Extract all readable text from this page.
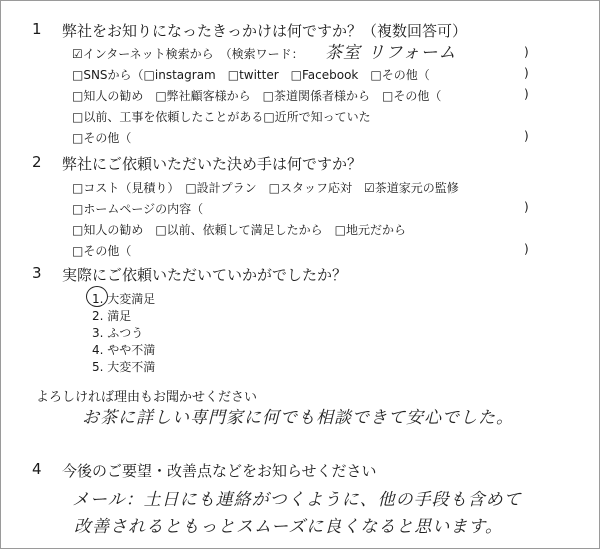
1 弊社をお知りになったきっかけは何ですか？（複数回答可）
☑インターネット検索から　（検索ワード： 茶室 リフォーム	)
□SNSから（□instagram　□twitter　□Facebook　□その他（	)
□知人の勧め　□弊社顧客様から　□茶道関係者様から　□その他（	)
□以前、工事を依頼したことがある□近所で知っていた
□その他（	)
2 弊社にご依頼いただいた決め手は何ですか？
□コスト（見積り）　□設計プラン　□スタッフ応対　☑茶道家元の監修
□ホームページの内容（	)
□知人の勧め　□以前、依頼して満足したから　□地元だから
□その他（	)
3 実際にご依頼いただいていかがでしたか？
1. 大変満足
2. 満足
3. ふつう
4. やや不満
5. 大変不満
よろしければ理由もお聞かせください
お茶に詳しい専門家に何でも相談できて安心でした。
4 今後のご要望・改善点などをお知らせください
メール：土日にも連絡がつくように、他の手段も含めて
改善されるともっとスムーズに良くなると思います。
